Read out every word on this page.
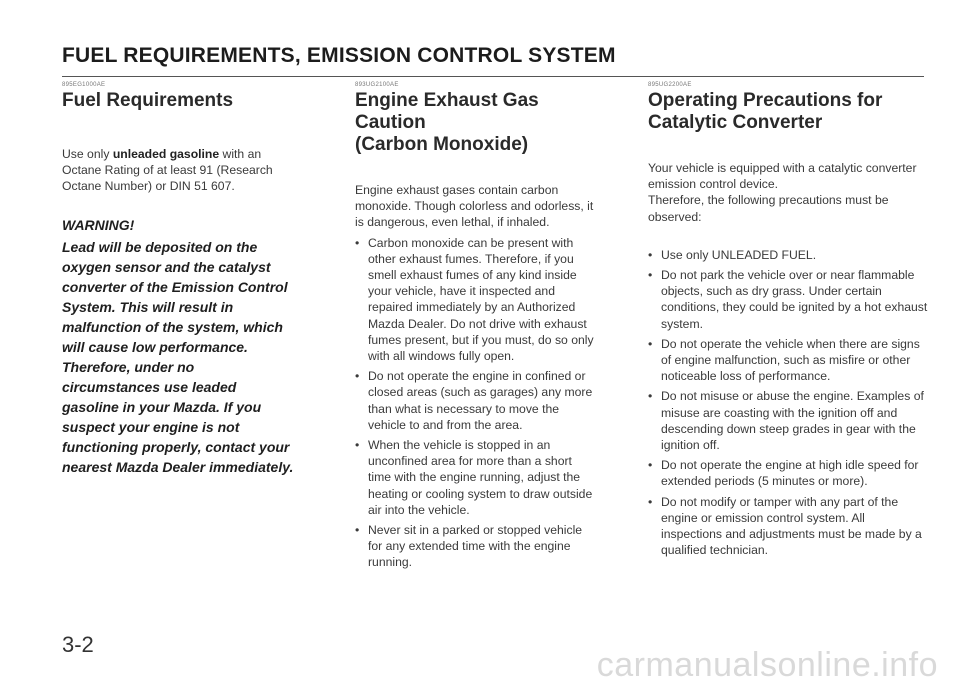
FUEL REQUIREMENTS, EMISSION CONTROL SYSTEM
895EG1000AE
Fuel Requirements

Use only unleaded gasoline with an Octane Rating of at least 91 (Research Octane Number) or DIN 51 607.

WARNING!

Lead will be deposited on the oxygen sensor and the catalyst converter of the Emission Control System. This will result in malfunction of the system, which will cause low performance. Therefore, under no circumstances use leaded gasoline in your Mazda. If you suspect your engine is not functioning properly, contact your nearest Mazda Dealer immediately.

893UG2100AE
Engine Exhaust Gas Caution
(Carbon Monoxide)

Engine exhaust gases contain carbon monoxide. Though colorless and odorless, it is dangerous, even lethal, if inhaled.

• Carbon monoxide can be present with other exhaust fumes. Therefore, if you smell exhaust fumes of any kind inside your vehicle, have it inspected and repaired immediately by an Authorized Mazda Dealer. Do not drive with exhaust fumes present, but if you must, do so only with all windows fully open.
• Do not operate the engine in confined or closed areas (such as garages) any more than what is necessary to move the vehicle to and from the area.
• When the vehicle is stopped in an unconfined area for more than a short time with the engine running, adjust the heating or cooling system to draw outside air into the vehicle.
• Never sit in a parked or stopped vehicle for any extended time with the engine running.
895UG2200AE
Operating Precautions for
Catalytic Converter

Your vehicle is equipped with a catalytic converter emission control device.

Therefore, the following precautions must be observed:

• Use only UNLEADED FUEL.
• Do not park the vehicle over or near flammable objects, such as dry grass. Under certain conditions, they could be ignited by a hot exhaust system.
• Do not operate the vehicle when there are signs of engine malfunction, such as misfire or other noticeable loss of performance.
• Do not misuse or abuse the engine. Examples of misuse are coasting with the ignition off and descending down steep grades in gear with the ignition off.
• Do not operate the engine at high idle speed for extended periods (5 minutes or more).
• Do not modify or tamper with any part of the engine or emission control system. All inspections and adjustments must be made by a qualified technician.
3-2
carmanualsonline.info
